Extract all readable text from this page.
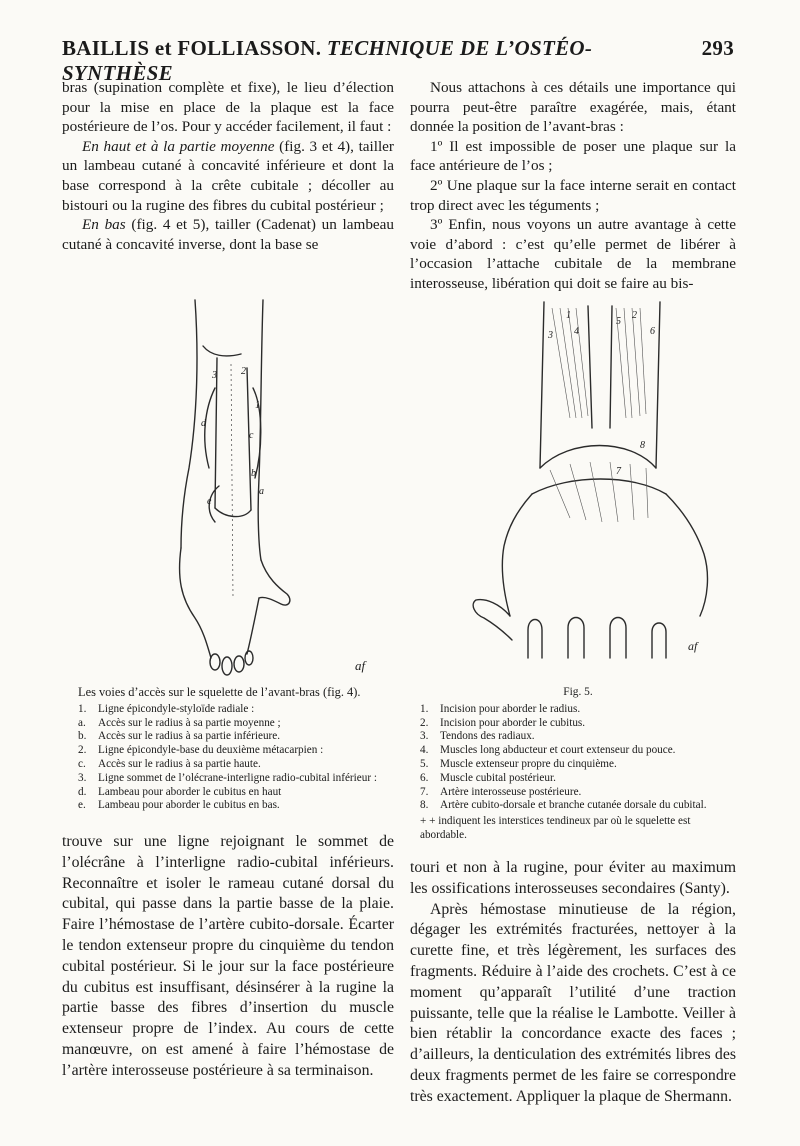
BAILLIS et FOLLIASSON. TECHNIQUE DE L’OSTÉO-SYNTHÈSE
293

bras (supination complète et fixe), le lieu d’élection pour la mise en place de la plaque est la face postérieure de l’os. Pour y accéder facilement, il faut :

En haut et à la partie moyenne (fig. 3 et 4), tailler un lambeau cutané à concavité inférieure et dont la base correspond à la crête cubitale ; décoller au bistouri ou la rugine des fibres du cubital postérieur ;

En bas (fig. 4 et 5), tailler (Cadenat) un lambeau cutané à concavité inverse, dont la base se

Nous attachons à ces détails une importance qui pourra peut-être paraître exagérée, mais, étant donnée la position de l’avant-bras :

1º Il est impossible de poser une plaque sur la face antérieure de l’os ;

2º Une plaque sur la face interne serait en contact trop direct avec les téguments ;

3º Enfin, nous voyons un autre avantage à cette voie d’abord : c’est qu’elle permet de libérer à l’occasion l’attache cubitale de la membrane interosseuse, libération qui doit se faire au bis-

3
d
1
c
b
e
2
a
af
3
1
4
5
2
6
7
8
af
Les voies d’accès sur le squelette de l’avant-bras (fig. 4).
1.	Ligne épicondyle-styloïde radiale :
a.	Accès sur le radius à sa partie moyenne ;
b.	Accès sur le radius à sa partie inférieure.
2.	Ligne épicondyle-base du deuxième métacarpien :
c.	Accès sur le radius à sa partie haute.
3.	Ligne sommet de l’olécrane-interligne radio-cubital inférieur :
d.	Lambeau pour aborder le cubitus en haut
e.	Lambeau pour aborder le cubitus en bas.
Fig. 5.
1.	Incision pour aborder le radius.
2.	Incision pour aborder le cubitus.
3.	Tendons des radiaux.
4.	Muscles long abducteur et court extenseur du pouce.
5.	Muscle extenseur propre du cinquième.
6.	Muscle cubital postérieur.
7.	Artère interosseuse postérieure.
8.	Artère cubito-dorsale et branche cutanée dorsale du cubital.
+ + indiquent les interstices tendineux par où le squelette est abordable.

trouve sur une ligne rejoignant le sommet de l’olécrâne à l’interligne radio-cubital inférieurs. Reconnaître et isoler le rameau cutané dorsal du cubital, qui passe dans la partie basse de la plaie. Faire l’hémostase de l’artère cubito-dorsale. Écarter le tendon extenseur propre du cinquième du tendon cubital postérieur. Si le jour sur la face postérieure du cubitus est insuffisant, désinsérer à la rugine la partie basse des fibres d’insertion du muscle extenseur propre de l’index. Au cours de cette manœuvre, on est amené à faire l’hémostase de l’artère interosseuse postérieure à sa terminaison.

touri et non à la rugine, pour éviter au maximum les ossifications interosseuses secondaires (Santy).

Après hémostase minutieuse de la région, dégager les extrémités fracturées, nettoyer à la curette fine, et très légèrement, les surfaces des fragments. Réduire à l’aide des crochets. C’est à ce moment qu’apparaît l’utilité d’une traction puissante, telle que la réalise le Lambotte. Veiller à bien rétablir la concordance exacte des faces ; d’ailleurs, la denticulation des extrémités libres des deux fragments permet de les faire se correspondre très exactement. Appliquer la plaque de Shermann.
